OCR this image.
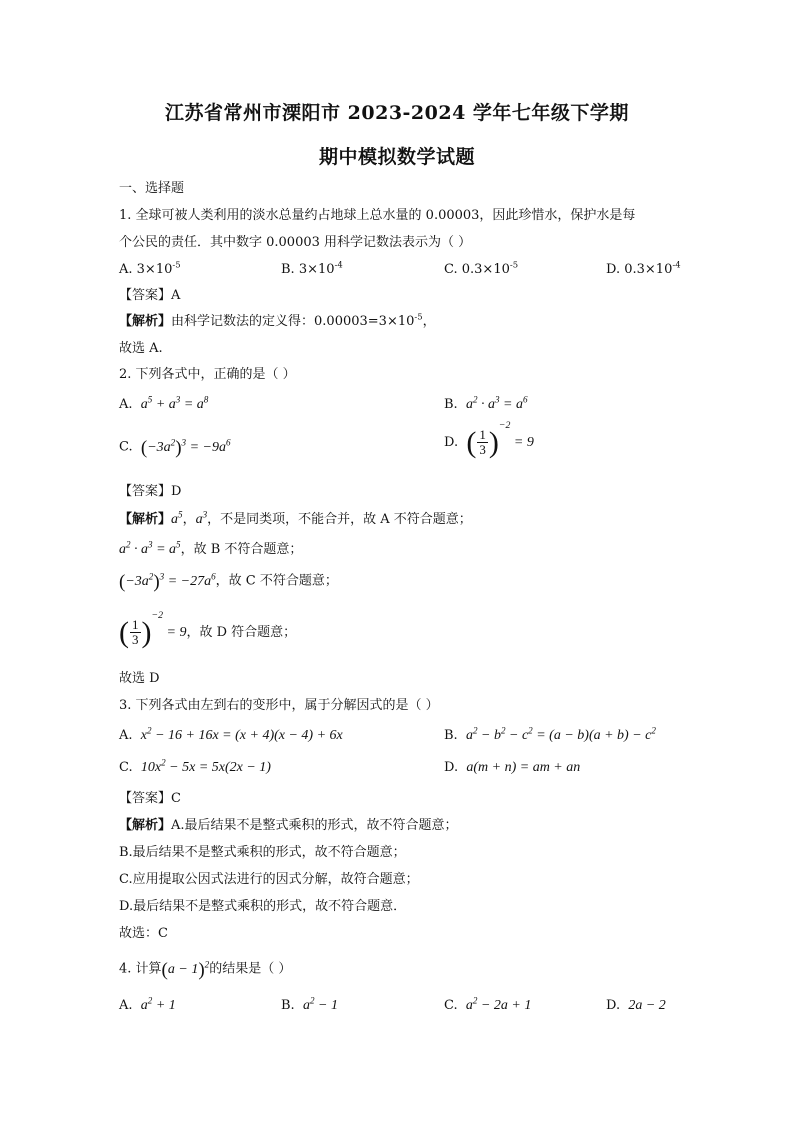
江苏省常州市溧阳市 2023-2024 学年七年级下学期
期中模拟数学试题
一、选择题
1. 全球可被人类利用的淡水总量约占地球上总水量的 0.00003，因此珍惜水，保护水是每
个公民的责任．其中数字 0.00003 用科学记数法表示为（ ）
A. $3\times 10^{-5}$	B. $3\times 10^{-4}$	C. $0.3\times 10^{-5}$	D. $0.3\times 10^{-4}$
【答案】A
【解析】由科学记数法的定义得：$0.00003=3\times 10^{-5}$，
故选 A.
2. 下列各式中，正确的是（ ）
A. $a^5 + a^3 = a^8$	B. $a^2 \cdot a^3 = a^6$
C. $(-3a^2)^3 = -9a^6$	D. ( $\frac{1}{3} )^{-2} = 9$
【答案】D
【解析】$a^5$，$a^3$，不是同类项，不能合并，故 A 不符合题意；
$a^2 \cdot a^3 = a^5$，故 B 不符合题意；
$(-3a^2)^3 = -27a^6$，故 C 不符合题意；
( $\frac{1}{3} )^{-2} = 9$，故 D 符合题意；
故选 D
3. 下列各式由左到右的变形中，属于分解因式的是（ ）
A. $x^2 - 16 + 16x = (x + 4)(x - 4) + 6x$	B. $a^2 - b^2 - c^2 = (a - b)(a + b) - c^2$
C. $10x^2 - 5x = 5x(2x - 1)$	D. a(m + n) = am + an
【答案】C
【解析】A.最后结果不是整式乘积的形式，故不符合题意；
B.最后结果不是整式乘积的形式，故不符合题意；
C.应用提取公因式法进行的因式分解，故符合题意；
D.最后结果不是整式乘积的形式，故不符合题意．
故选：C
4. 计算$(a - 1)^2$的结果是（ ）
A. $a^2 + 1$	B. $a^2 - 1$	C. $a^2 - 2a + 1$	D. 2a − 2
